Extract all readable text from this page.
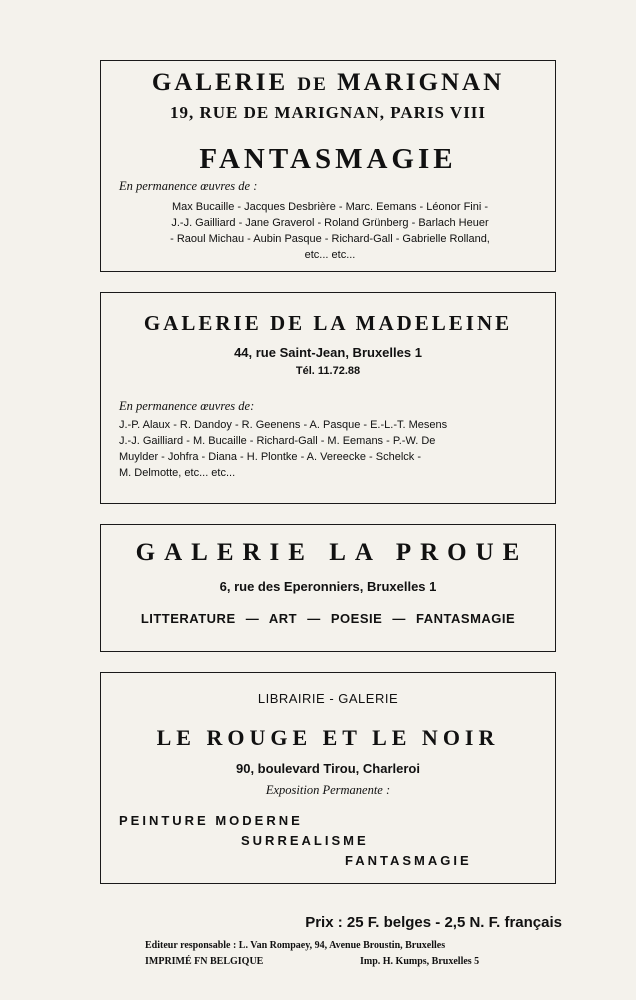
GALERIE DE MARIGNAN
19, RUE DE MARIGNAN, PARIS VIII
FANTASMAGIE
En permanence œuvres de :

Max Bucaille - Jacques Desbrière - Marc. Eemans - Léonor Fini -

J.-J. Gailliard - Jane Graverol - Roland Grünberg - Barlach Heuer

- Raoul Michau - Aubin Pasque - Richard-Gall - Gabrielle Rolland,

etc... etc...

GALERIE DE LA MADELEINE
44, rue Saint-Jean, Bruxelles 1
Tél. 11.72.88
En permanence œuvres de:

J.-P. Alaux - R. Dandoy - R. Geenens - A. Pasque - E.-L.-T. Mesens

J.-J. Gailliard - M. Bucaille - Richard-Gall - M. Eemans - P.-W. De

Muylder - Johfra - Diana - H. Plontke - A. Vereecke - Schelck -

M. Delmotte, etc... etc...

GALERIE LA PROUE
6, rue des Eperonniers, Bruxelles 1
LITTERATURE — ART — POESIE — FANTASMAGIE
LIBRAIRIE - GALERIE
LE ROUGE ET LE NOIR
90, boulevard Tirou, Charleroi
Exposition Permanente :
PEINTURE MODERNE
SURREALISME
FANTASMAGIE
Prix : 25 F. belges - 2,5 N. F. français
Editeur responsable : L. Van Rompaey, 94, Avenue Broustin, Bruxelles
IMPRIMÉ FN BELGIQUE	Imp. H. Kumps, Bruxelles 5
